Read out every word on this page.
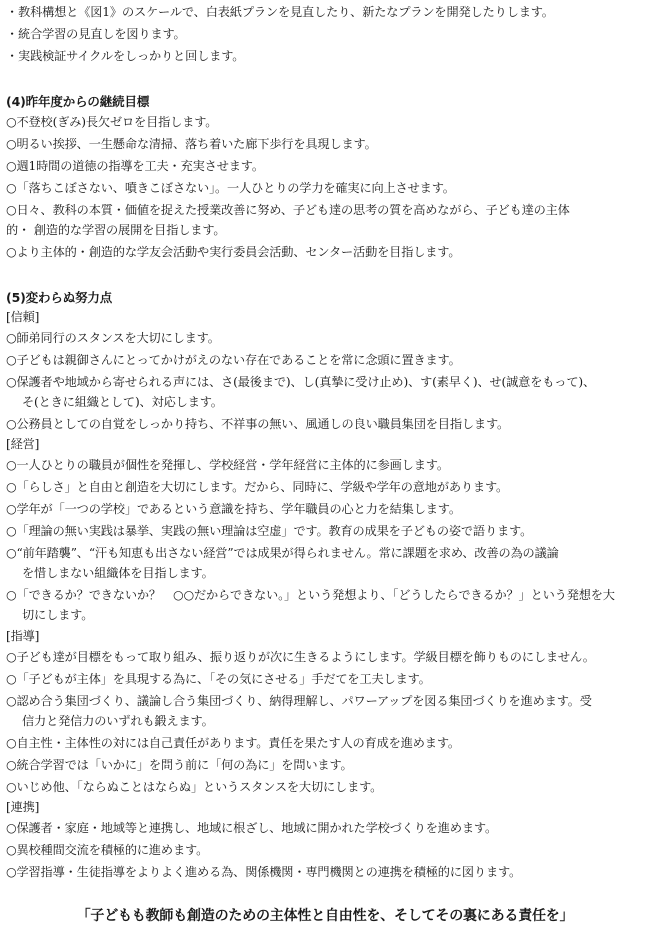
・教科構想と《図1》のスケールで、白表紙プランを見直したり、新たなプランを開発したりします。
・統合学習の見直しを図ります。
・実践検証サイクルをしっかりと回します。
(4)昨年度からの継続目標
○不登校(ぎみ)長欠ゼロを目指します。
○明るい挨拶、一生懸命な清掃、落ち着いた廊下歩行を具現します。
○週1時間の道徳の指導を工夫・充実させます。
○「落ちこぼさない、噴きこぼさない」。一人ひとりの学力を確実に向上させます。
○日々、教科の本質・価値を捉えた授業改善に努め、子ども達の思考の質を高めながら、子ども達の主体
的・ 創造的な学習の展開を目指します。
○より主体的・創造的な学友会活動や実行委員会活動、センター活動を目指します。
(5)変わらぬ努力点
[信頼]
○師弟同行のスタンスを大切にします。
○子どもは親御さんにとってかけがえのない存在であることを常に念頭に置きます。
○保護者や地域から寄せられる声には、さ(最後まで)、し(真摯に受け止め)、す(素早く)、せ(誠意をもって)、
そ(ときに組織として)、対応します。
○公務員としての自覚をしっかり持ち、不祥事の無い、風通しの良い職員集団を目指します。
[経営]
○一人ひとりの職員が個性を発揮し、学校経営・学年経営に主体的に参画します。
○「らしさ」と自由と創造を大切にします。だから、同時に、学級や学年の意地があります。
○学年が「一つの学校」であるという意識を持ち、学年職員の心と力を結集します。
○「理論の無い実践は暴挙、実践の無い理論は空虚」です。教育の成果を子どもの姿で語ります。
○“前年踏襲”、“汗も知恵も出さない経営”では成果が得られません。常に課題を求め、改善の為の議論
を惜しまない組織体を目指します。
○「できるか？できないか？　○○だからできない。」という発想より、「どうしたらできるか？」という発想を大
切にします。
[指導]
○子ども達が目標をもって取り組み、振り返りが次に生きるようにします。学級目標を飾りものにしません。
○「子どもが主体」を具現する為に、「その気にさせる」手だてを工夫します。
○認め合う集団づくり、議論し合う集団づくり、納得理解し、パワーアップを図る集団づくりを進めます。受
信力と発信力のいずれも鍛えます。
○自主性・主体性の対には自己責任があります。責任を果たす人の育成を進めます。
○統合学習では「いかに」を問う前に「何の為に」を問います。
○いじめ他、「ならぬことはならぬ」というスタンスを大切にします。
[連携]
○保護者・家庭・地域等と連携し、地域に根ざし、地域に開かれた学校づくりを進めます。
○異校種間交流を積極的に進めます。
○学習指導・生徒指導をよりよく進める為、関係機関・専門機関との連携を積極的に図ります。
「子どもも教師も創造のための主体性と自由性を、そしてその裏にある責任を」
